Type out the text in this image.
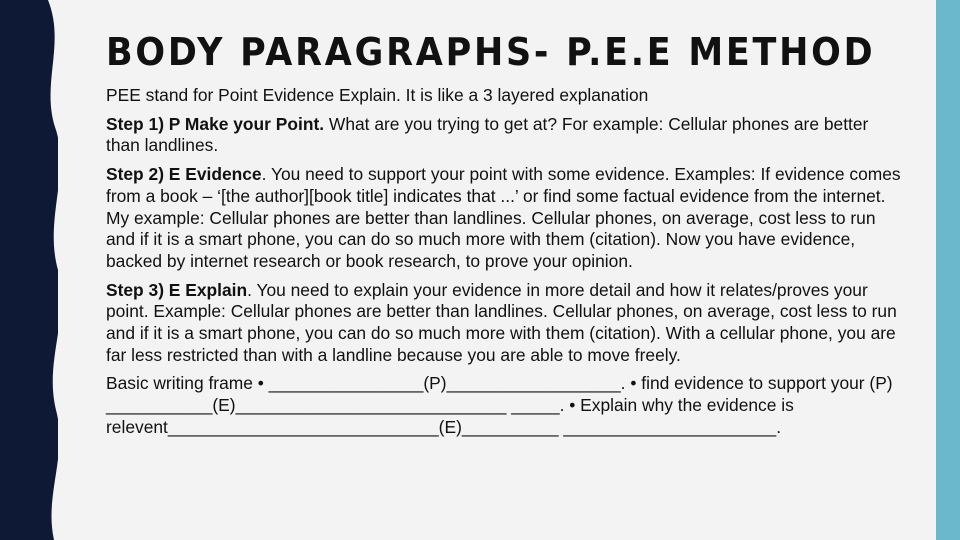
BODY PARAGRAPHS- P.E.E METHOD

PEE stand for Point Evidence Explain. It is like a 3 layered explanation

Step 1) P Make your Point. What are you trying to get at? For example: Cellular phones are better than landlines.

Step 2) E Evidence. You need to support your point with some evidence. Examples: If evidence comes from a book – ‘[the author][book title] indicates that ...’ or find some factual evidence from the internet. My example: Cellular phones are better than landlines. Cellular phones, on average, cost less to run and if it is a smart phone, you can do so much more with them (citation). Now you have evidence, backed by internet research or book research, to prove your opinion.

Step 3) E Explain. You need to explain your evidence in more detail and how it relates/proves your point. Example: Cellular phones are better than landlines. Cellular phones, on average, cost less to run and if it is a smart phone, you can do so much more with them (citation). With a cellular phone, you are far less restricted than with a landline because you are able to move freely.

Basic writing frame • ________________(P)__________________. • find evidence to support your (P) ___________(E)____________________________ _____. • Explain why the evidence is relevent____________________________(E)__________ ______________________.
